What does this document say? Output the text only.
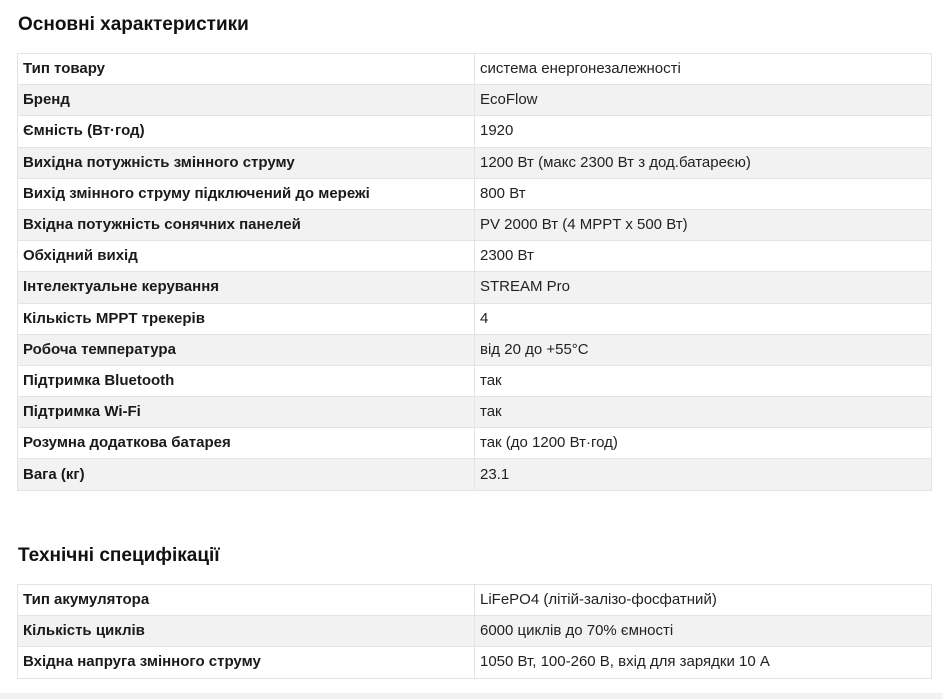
Основні характеристики
Тип товару	система енергонезалежності
Бренд	EcoFlow
Ємність (Вт·год)	1920
Вихідна потужність змінного струму	1200 Вт (макс 2300 Вт з дод.батареєю)
Вихід змінного струму підключений до мережі	800 Вт
Вхідна потужність сонячних панелей	PV 2000 Вт (4 MPPT x 500 Вт)
Обхідний вихід	2300 Вт
Інтелектуальне керування	STREAM Pro
Кількість MPPT трекерів	4
Робоча температура	від 20 до +55°C
Підтримка Bluetooth	так
Підтримка Wi-Fi	так
Розумна додаткова батарея	так (до 1200 Вт·год)
Вага (кг)	23.1
Технічні специфікації
Тип акумулятора	LiFePO4 (літій-залізо-фосфатний)
Кількість циклів	6000 циклів до 70% ємності
Вхідна напруга змінного струму	1050 Вт, 100-260 В, вхід для зарядки 10 А
